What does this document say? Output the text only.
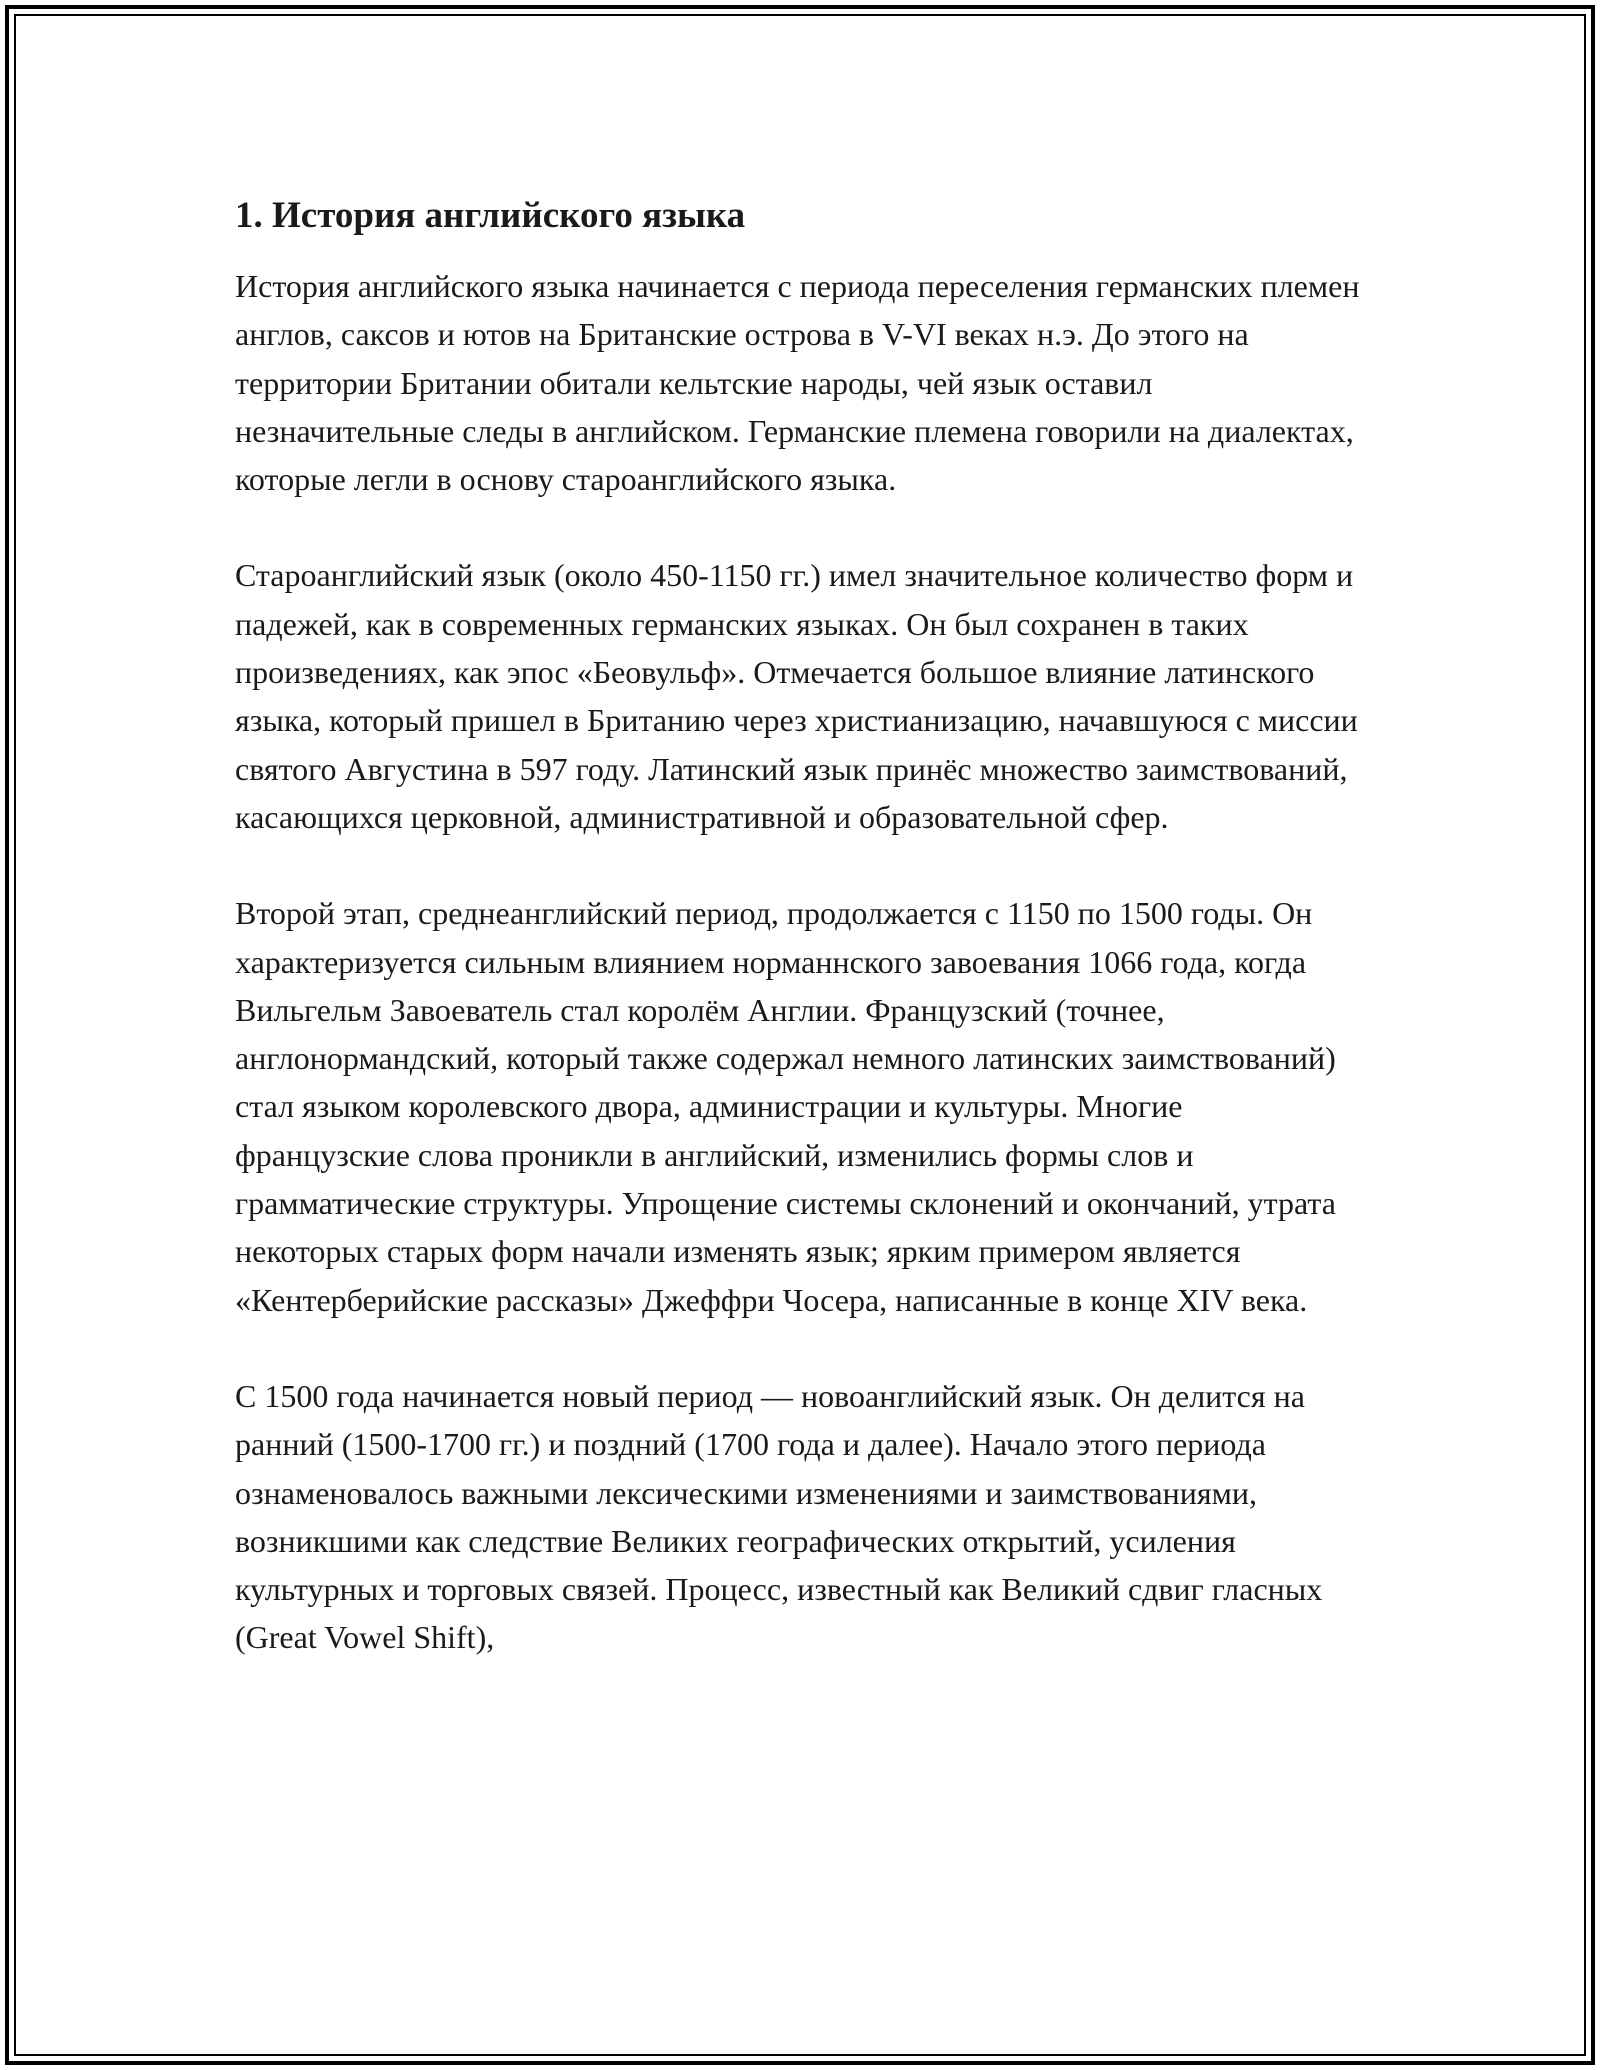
1. История английского языка

История английского языка начинается с периода переселения германских племен англов, саксов и ютов на Британские острова в V-VI веках н.э. До этого на территории Британии обитали кельтские народы, чей язык оставил незначительные следы в английском. Германские племена говорили на диалектах, которые легли в основу староанглийского языка.

Староанглийский язык (около 450-1150 гг.) имел значительное количество форм и падежей, как в современных германских языках. Он был сохранен в таких произведениях, как эпос «Беовульф». Отмечается большое влияние латинского языка, который пришел в Британию через христианизацию, начавшуюся с миссии святого Августина в 597 году. Латинский язык принёс множество заимствований, касающихся церковной, административной и образовательной сфер.

Второй этап, среднеанглийский период, продолжается с 1150 по 1500 годы. Он характеризуется сильным влиянием норманнского завоевания 1066 года, когда Вильгельм Завоеватель стал королём Англии. Французский (точнее, англонормандский, который также содержал немного латинских заимствований) стал языком королевского двора, администрации и культуры. Многие французские слова проникли в английский, изменились формы слов и грамматические структуры. Упрощение системы склонений и окончаний, утрата некоторых старых форм начали изменять язык; ярким примером является «Кентерберийские рассказы» Джеффри Чосера, написанные в конце XIV века.

С 1500 года начинается новый период — новоанглийский язык. Он делится на ранний (1500-1700 гг.) и поздний (1700 года и далее). Начало этого периода ознаменовалось важными лексическими изменениями и заимствованиями, возникшими как следствие Великих географических открытий, усиления культурных и торговых связей. Процесс, известный как Великий сдвиг гласных (Great Vowel Shift),
